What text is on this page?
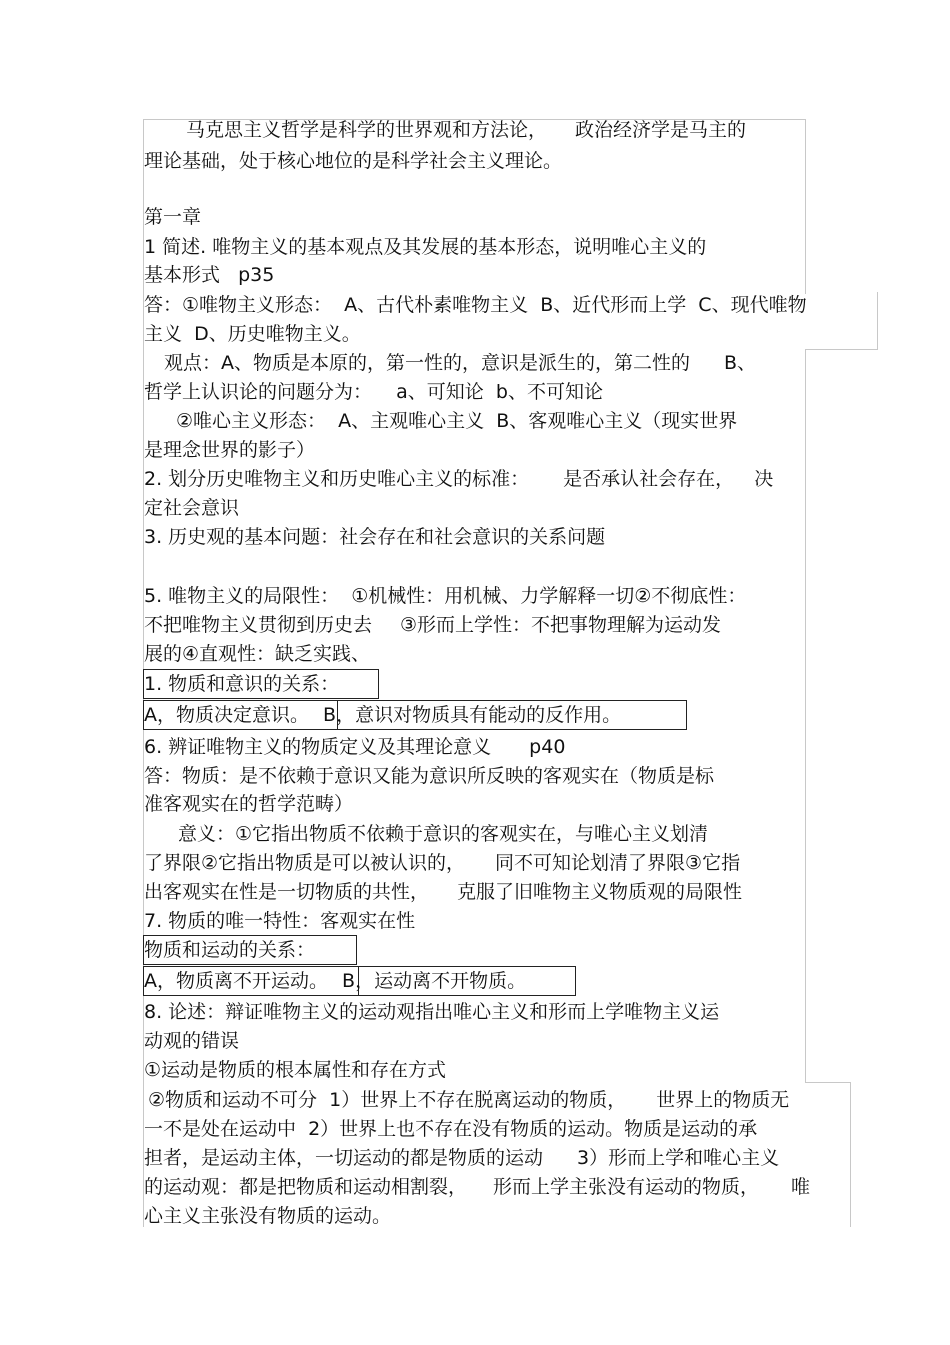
马克思主义哲学是科学的世界观和方法论， 政治经济学是马主的
理论基础，处于核心地位的是科学社会主义理论。
第一章
1 简述. 唯物主义的基本观点及其发展的基本形态，说明唯心主义的
基本形式   p35
答：①唯物主义形态：  A、古代朴素唯物主义  B、近代形而上学  C、现代唯物
主义  D、历史唯物主义。
观点：A、物质是本原的，第一性的，意识是派生的，第二性的 B、
哲学上认识论的问题分为：    a、可知论  b、不可知论
②唯心主义形态：  A、主观唯心主义  B、客观唯心主义（现实世界
是理念世界的影子）
2. 划分历史唯物主义和历史唯心主义的标准： 是否承认社会存在， 决
定社会意识
3. 历史观的基本问题：社会存在和社会意识的关系问题
5. 唯物主义的局限性：  ①机械性：用机械、力学解释一切②不彻底性：
不把唯物主义贯彻到历史去 ③形而上学性：不把事物理解为运动发
展的④直观性：缺乏实践、
1. 物质和意识的关系：
A，物质决定意识。 B，意识对物质具有能动的反作用。
6. 辨证唯物主义的物质定义及其理论意义 p40
答：物质：是不依赖于意识又能为意识所反映的客观实在（物质是标
准客观实在的哲学范畴）
意义：①它指出物质不依赖于意识的客观实在，与唯心主义划清
了界限②它指出物质是可以被认识的， 同不可知论划清了界限③它指
出客观实在性是一切物质的共性， 克服了旧唯物主义物质观的局限性
7. 物质的唯一特性：客观实在性
物质和运动的关系：
A，物质离不开运动。 B，运动离不开物质。
8. 论述：辩证唯物主义的运动观指出唯心主义和形而上学唯物主义运
动观的错误
①运动是物质的根本属性和存在方式
②物质和运动不可分  1）世界上不存在脱离运动的物质， 世界上的物质无
一不是处在运动中  2）世界上也不存在没有物质的运动。物质是运动的承
担者，是运动主体，一切运动的都是物质的运动 3）形而上学和唯心主义
的运动观：都是把物质和运动相割裂， 形而上学主张没有运动的物质， 唯
心主义主张没有物质的运动。
